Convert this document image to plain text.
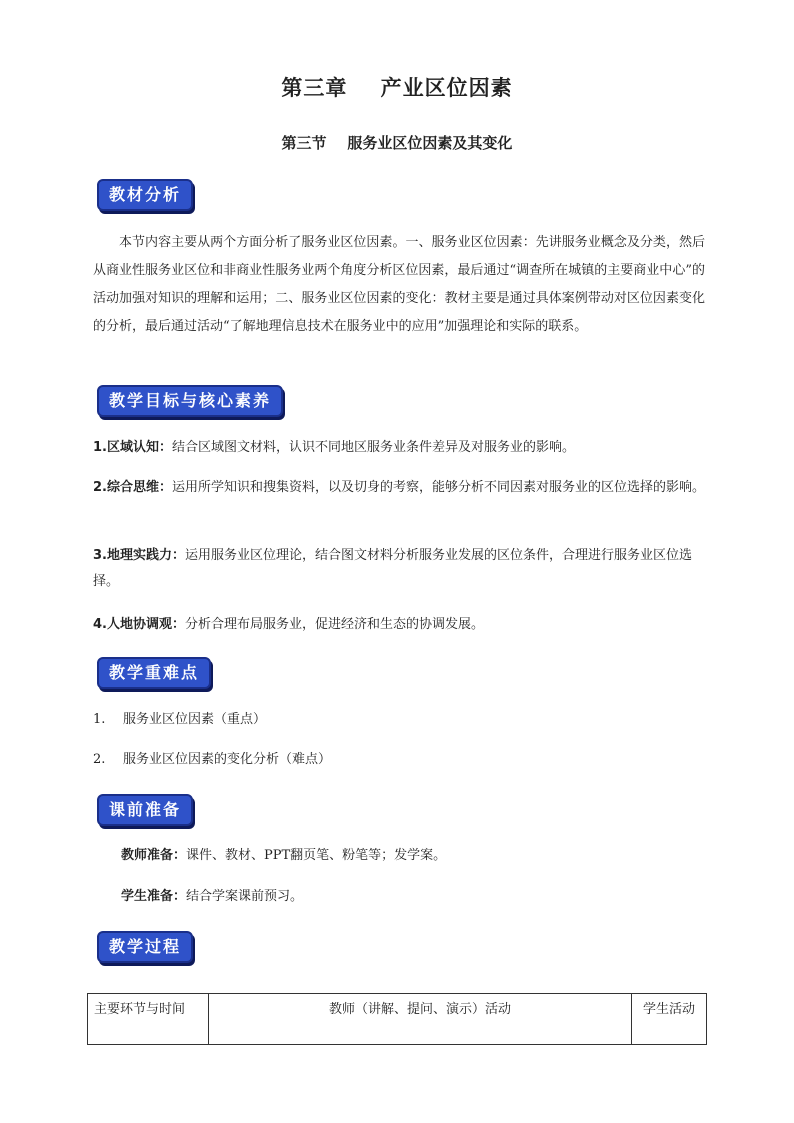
第三章    产业区位因素
第三节    服务业区位因素及其变化
教材分析
本节内容主要从两个方面分析了服务业区位因素。一、服务业区位因素：先讲服务业概念及分类，然后从商业性服务业区位和非商业性服务业两个角度分析区位因素，最后通过“调查所在城镇的主要商业中心”的活动加强对知识的理解和运用；二、服务业区位因素的变化：教材主要是通过具体案例带动对区位因素变化的分析，最后通过活动“了解地理信息技术在服务业中的应用”加强理论和实际的联系。
教学目标与核心素养
1.区域认知：结合区域图文材料，认识不同地区服务业条件差异及对服务业的影响。
2.综合思维：运用所学知识和搜集资料，以及切身的考察，能够分析不同因素对服务业的区位选择的影响。
3.地理实践力：运用服务业区位理论，结合图文材料分析服务业发展的区位条件，合理进行服务业区位选择。
4.人地协调观：分析合理布局服务业，促进经济和生态的协调发展。
教学重难点
1. 服务业区位因素（重点）
2. 服务业区位因素的变化分析（难点）
课前准备
教师准备：课件、教材、PPT翻页笔、粉笔等；发学案。
学生准备：结合学案课前预习。
教学过程
主要环节与时间	教师（讲解、提问、演示）活动	学生活动
